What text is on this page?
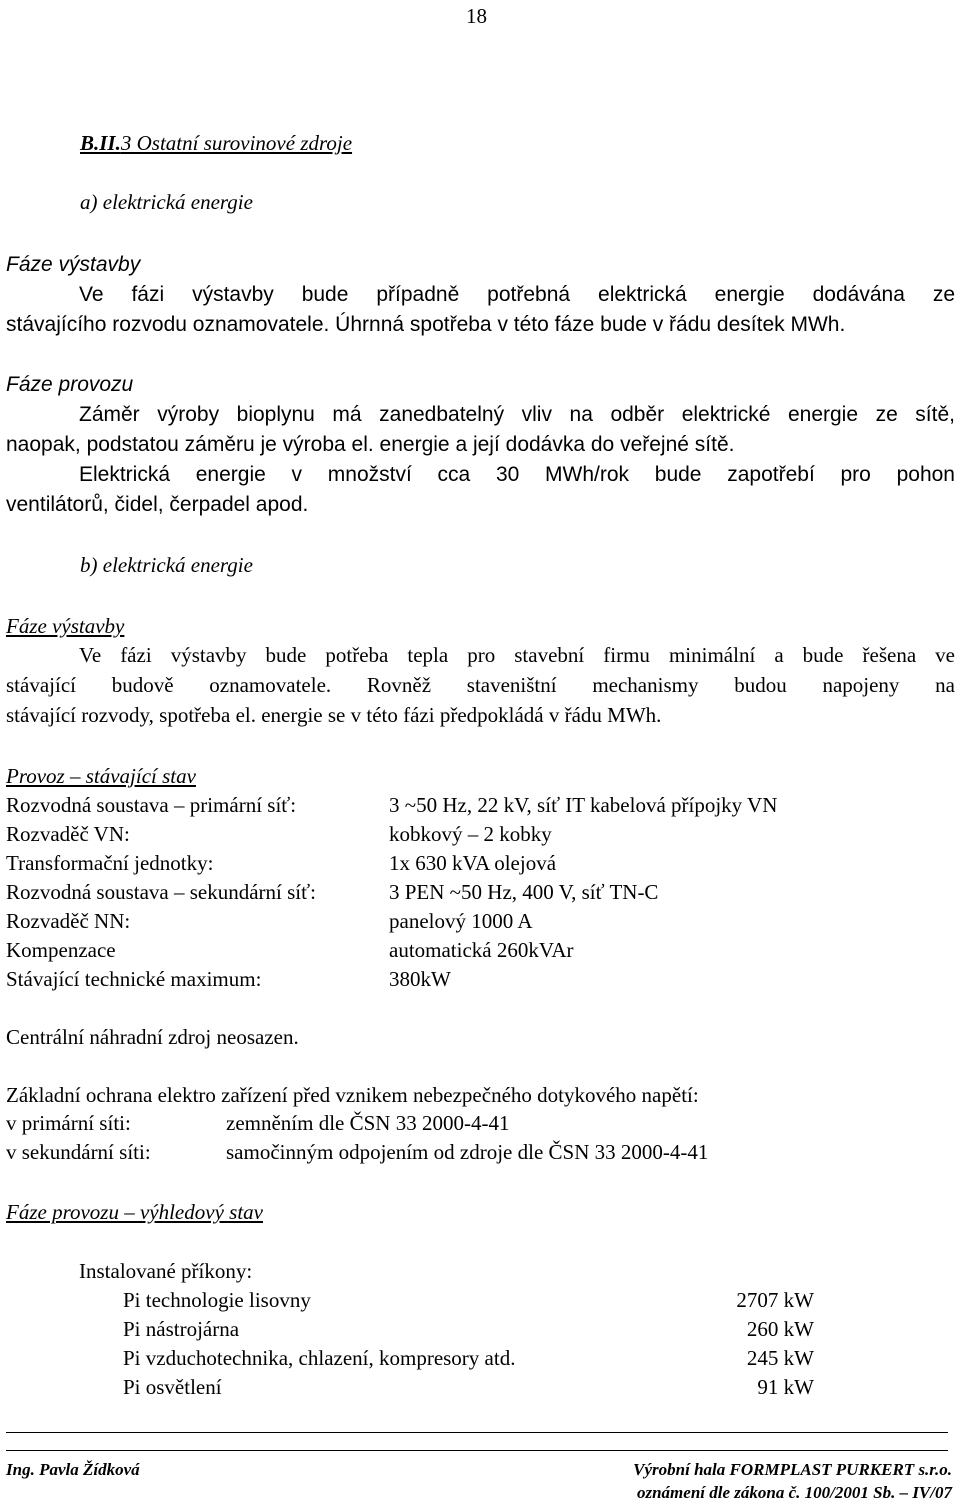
18
B.II.3 Ostatní surovinové zdroje
a) elektrická energie
Fáze výstavby
Ve fázi výstavby bude případně potřebná elektrická energie dodávána ze
stávajícího rozvodu oznamovatele. Úhrnná spotřeba v této fáze bude v řádu desítek MWh.
Fáze provozu
Záměr výroby bioplynu má zanedbatelný vliv na odběr elektrické energie ze sítě,
naopak, podstatou záměru je výroba el. energie a její dodávka do veřejné sítě.
Elektrická energie v množství cca 30 MWh/rok bude zapotřebí pro pohon
ventilátorů, čidel, čerpadel apod.
b) elektrická energie
Fáze výstavby
Ve fázi výstavby bude potřeba tepla pro stavební firmu minimální a bude řešena ve
stávající budově oznamovatele. Rovněž staveništní mechanismy budou napojeny na
stávající rozvody, spotřeba el. energie se v této fázi předpokládá v řádu MWh.
Provoz – stávající stav
Rozvodná soustava – primární síť:	3 ~50 Hz, 22 kV, síť IT kabelová přípojky VN
Rozvaděč VN:	kobkový – 2 kobky
Transformační jednotky:	1x 630 kVA olejová
Rozvodná soustava – sekundární síť:	3 PEN ~50 Hz, 400 V, síť TN-C
Rozvaděč NN:	panelový 1000 A
Kompenzace	automatická 260kVAr
Stávající technické maximum:	380kW
Centrální náhradní zdroj neosazen.
Základní ochrana elektro zařízení před vznikem nebezpečného dotykového napětí:
v primární síti:	zemněním dle ČSN 33 2000-4-41
v sekundární síti:	samočinným odpojením od zdroje dle ČSN 33 2000-4-41
Fáze provozu – výhledový stav
Instalované příkony:
Pi technologie lisovny	2707 kW
Pi nástrojárna	260 kW
Pi vzduchotechnika, chlazení, kompresory atd.	245 kW
Pi osvětlení	91 kW
Ing. Pavla Žídková	Výrobní hala FORMPLAST PURKERT s.r.o.
oznámení dle zákona č. 100/2001 Sb. – IV/07
